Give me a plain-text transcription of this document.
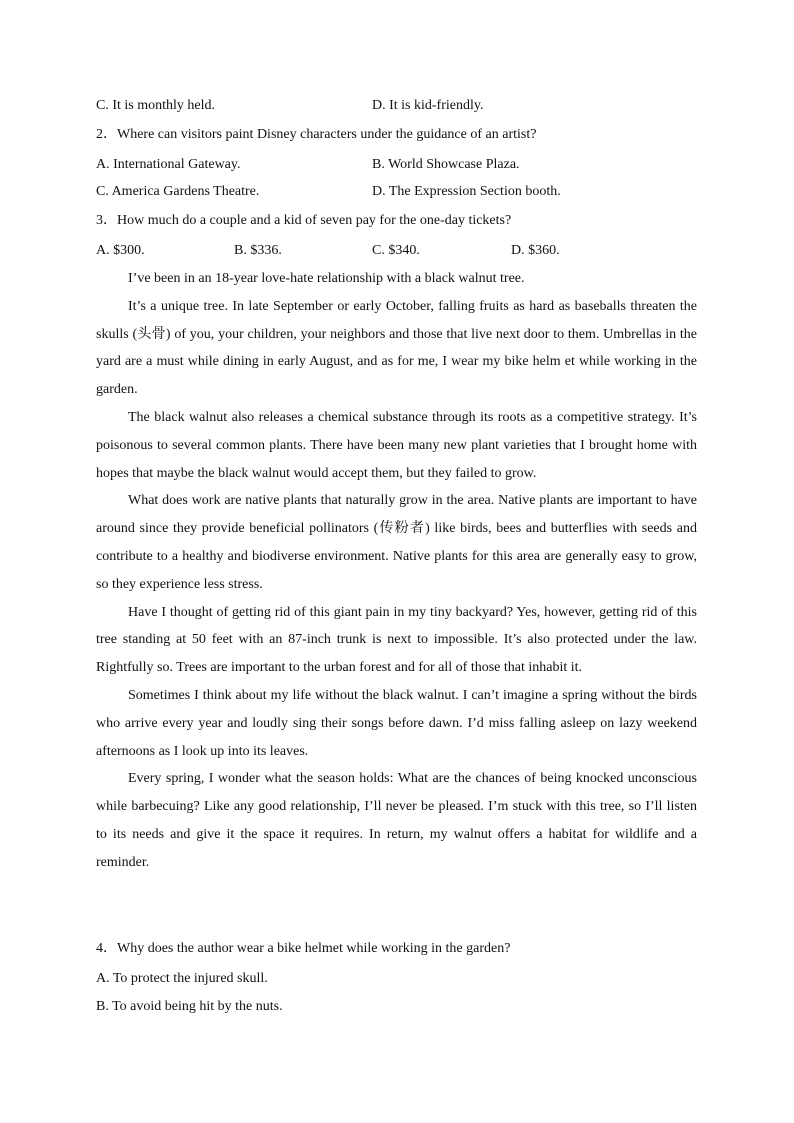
C. It is monthly held.	D. It is kid-friendly.
2．Where can visitors paint Disney characters under the guidance of an artist?
A. International Gateway.	B. World Showcase Plaza.
C. America Gardens Theatre.	D. The Expression Section booth.
3．How much do a couple and a kid of seven pay for the one-day tickets?
A. $300.	B. $336.	C. $340.	D. $360.

I’ve been in an 18-year love-hate relationship with a black walnut tree.

It’s a unique tree. In late September or early October, falling fruits as hard as baseballs threaten the skulls (头骨) of you, your children, your neighbors and those that live next door to them. Umbrellas in the yard are a must while dining in early August, and as for me, I wear my bike helm et while working in the garden.

The black walnut also releases a chemical substance through its roots as a competitive strategy. It’s poisonous to several common plants. There have been many new plant varieties that I brought home with hopes that maybe the black walnut would accept them, but they failed to grow.

What does work are native plants that naturally grow in the area. Native plants are important to have around since they provide beneficial pollinators (传粉者) like birds, bees and butterflies with seeds and contribute to a healthy and biodiverse environment. Native plants for this area are generally easy to grow, so they experience less stress.

Have I thought of getting rid of this giant pain in my tiny backyard? Yes, however, getting rid of this tree standing at 50 feet with an 87-inch trunk is next to impossible. It’s also protected under the law. Rightfully so. Trees are important to the urban forest and for all of those that inhabit it.

Sometimes I think about my life without the black walnut. I can’t imagine a spring without the birds who arrive every year and loudly sing their songs before dawn. I’d miss falling asleep on lazy weekend afternoons as I look up into its leaves.

Every spring, I wonder what the season holds: What are the chances of being knocked unconscious while barbecuing? Like any good relationship, I’ll never be pleased. I’m stuck with this tree, so I’ll listen to its needs and give it the space it requires. In return, my walnut offers a habitat for wildlife and a reminder.

4．Why does the author wear a bike helmet while working in the garden?
A. To protect the injured skull.
B. To avoid being hit by the nuts.
